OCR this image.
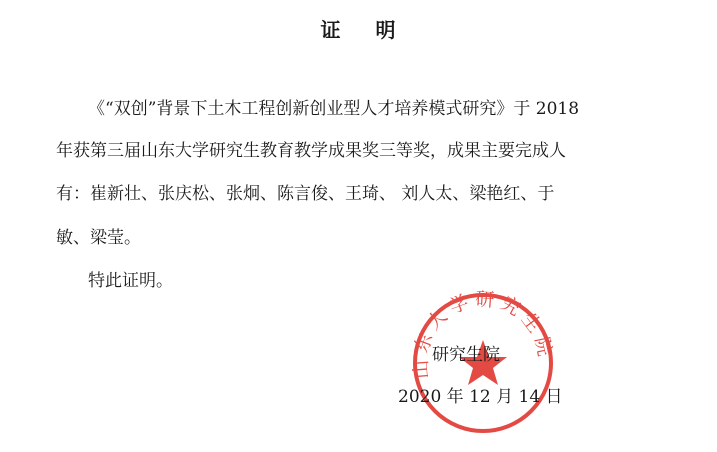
证 明
《“双创”背景下土木工程创新创业型人才培养模式研究》于 2018
年获第三届山东大学研究生教育教学成果奖三等奖，成果主要完成人
有：崔新壮、张庆松、张炯、陈言俊、王琦、 刘人太、梁艳红、于
敏、梁莹。
特此证明。
山东大学研究生院
研究生院
2020 年 12 月 14 日
